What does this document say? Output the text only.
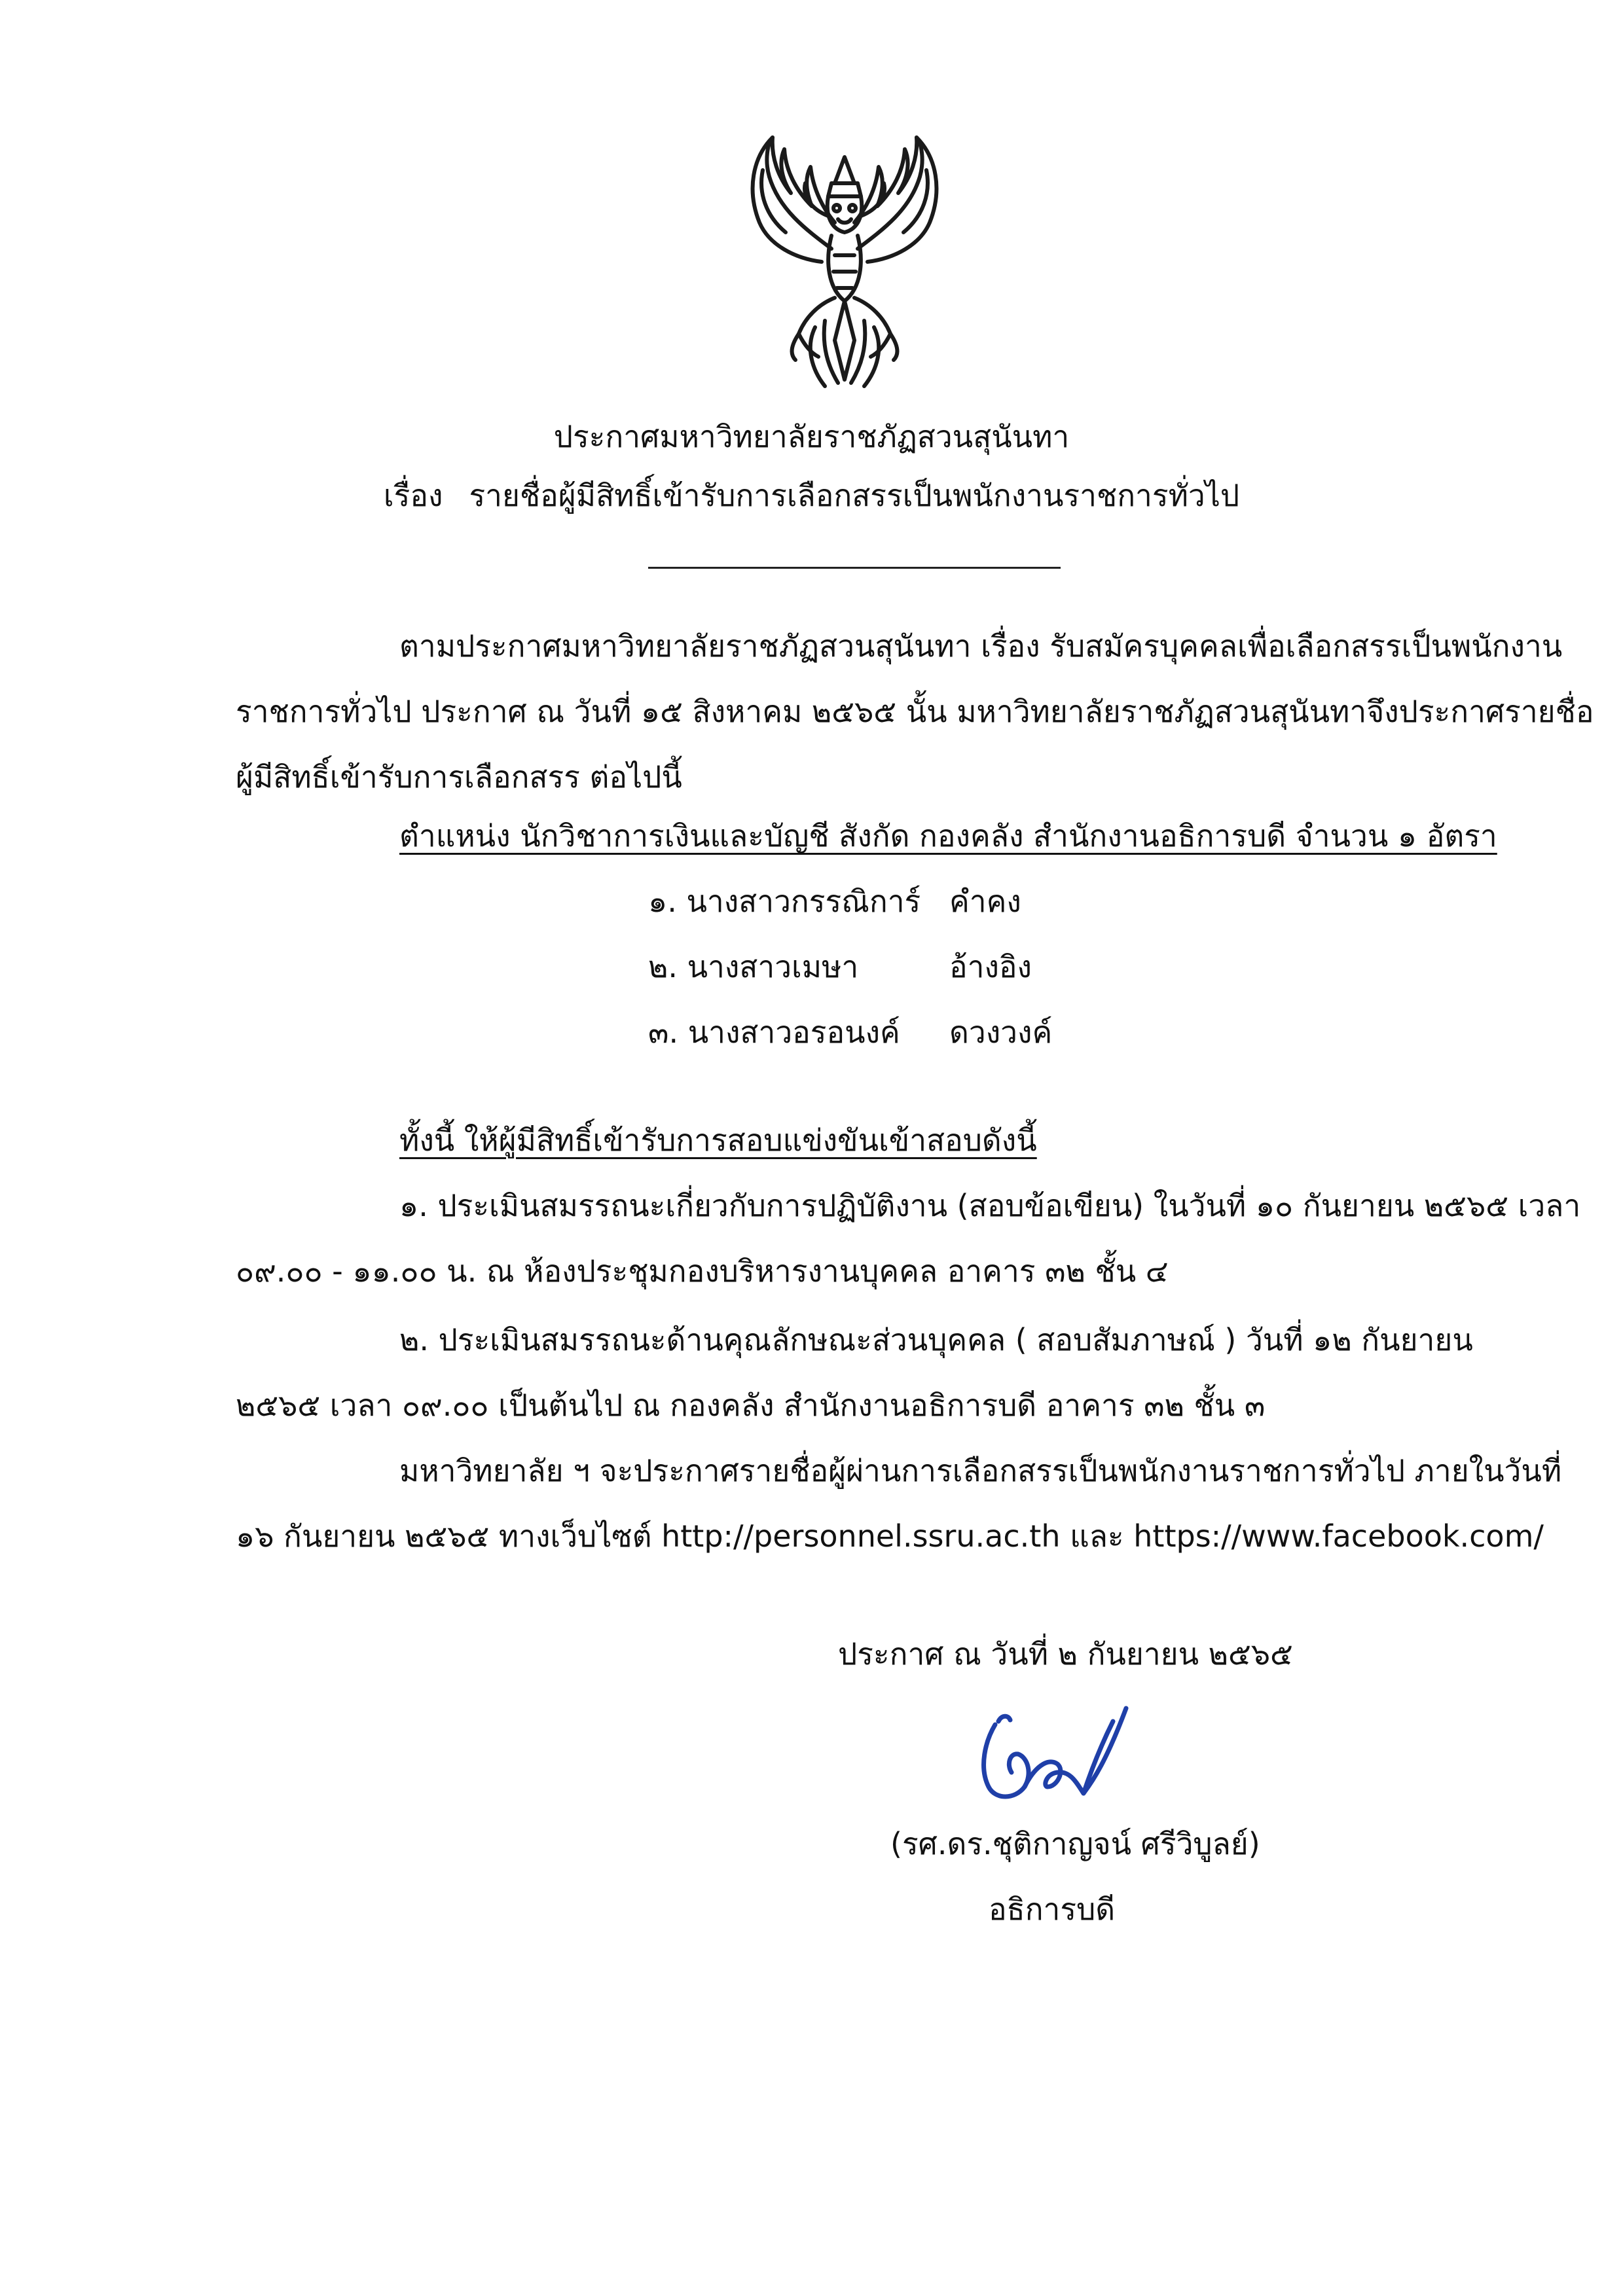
ประกาศมหาวิทยาลัยราชภัฏสวนสุนันทา
เรื่อง รายชื่อผู้มีสิทธิ์เข้ารับการเลือกสรรเป็นพนักงานราชการทั่วไป
ตามประกาศมหาวิทยาลัยราชภัฏสวนสุนันทา เรื่อง รับสมัครบุคคลเพื่อเลือกสรรเป็นพนักงาน
ราชการทั่วไป ประกาศ ณ วันที่ ๑๕ สิงหาคม ๒๕๖๕ นั้น มหาวิทยาลัยราชภัฏสวนสุนันทาจึงประกาศรายชื่อ
ผู้มีสิทธิ์เข้ารับการเลือกสรร ต่อไปนี้
ตำแหน่ง นักวิชาการเงินและบัญชี สังกัด กองคลัง สำนักงานอธิการบดี จำนวน ๑ อัตรา
๑. นางสาวกรรณิการ์ คำคง
๒. นางสาวเมษา	อ้างอิง
๓. นางสาวอรอนงค์ ดวงวงค์
ทั้งนี้ ให้ผู้มีสิทธิ์เข้ารับการสอบแข่งขันเข้าสอบดังนี้
๑. ประเมินสมรรถนะเกี่ยวกับการปฏิบัติงาน (สอบข้อเขียน) ในวันที่ ๑๐ กันยายน ๒๕๖๕ เวลา
๐๙.๐๐ - ๑๑.๐๐ น. ณ ห้องประชุมกองบริหารงานบุคคล อาคาร ๓๒ ชั้น ๔
๒. ประเมินสมรรถนะด้านคุณลักษณะส่วนบุคคล ( สอบสัมภาษณ์ ) วันที่ ๑๒ กันยายน
๒๕๖๕ เวลา ๐๙.๐๐ เป็นต้นไป ณ กองคลัง สำนักงานอธิการบดี อาคาร ๓๒ ชั้น ๓
มหาวิทยาลัย ฯ จะประกาศรายชื่อผู้ผ่านการเลือกสรรเป็นพนักงานราชการทั่วไป ภายในวันที่
๑๖ กันยายน ๒๕๖๕ ทางเว็บไซต์ http://personnel.ssru.ac.th และ https://www.facebook.com/
ประกาศ ณ วันที่ ๒ กันยายน ๒๕๖๕
(รศ.ดร.ชุติกาญจน์ ศรีวิบูลย์)
อธิการบดี
